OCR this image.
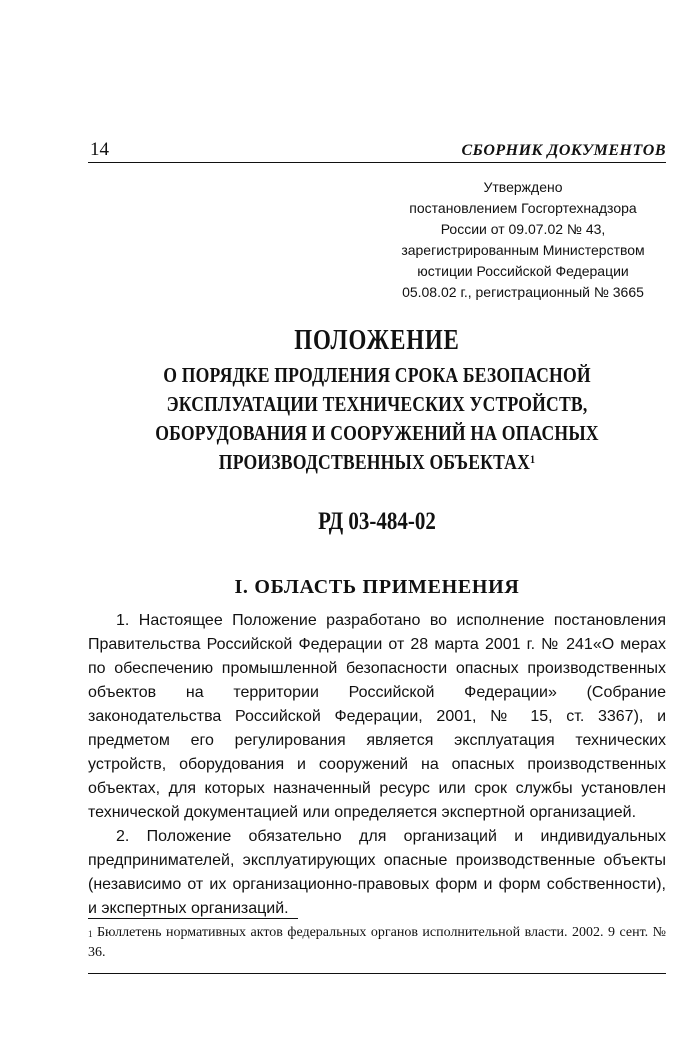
14	СБОРНИК ДОКУМЕНТОВ
Утверждено
постановлением Госгортехнадзора
России от 09.07.02 № 43,
зарегистрированным Министерством
юстиции Российской Федерации
05.08.02 г., регистрационный № 3665
ПОЛОЖЕНИЕ
О ПОРЯДКЕ ПРОДЛЕНИЯ СРОКА БЕЗОПАСНОЙ
ЭКСПЛУАТАЦИИ ТЕХНИЧЕСКИХ УСТРОЙСТВ,
ОБОРУДОВАНИЯ И СООРУЖЕНИЙ НА ОПАСНЫХ
ПРОИЗВОДСТВЕННЫХ ОБЪЕКТАХ$^1$
РД 03-484-02
I. ОБЛАСТЬ ПРИМЕНЕНИЯ

1. Настоящее Положение разработано во исполнение постановления Правительства Российской Федерации от 28 марта 2001 г. № 241«О мерах по обеспечению промышленной безопасности опасных производственных объектов на территории Российской Федерации» (Собрание законодательства Российской Федерации, 2001, № 15, ст. 3367), и предметом его регулирования является эксплуатация технических устройств, оборудования и сооружений на опасных производственных объектах, для которых назначенный ресурс или срок службы установлен технической документацией или определяется экспертной организацией.

2. Положение обязательно для организаций и индивидуальных предпринимателей, эксплуатирующих опасные производственные объекты (независимо от их организационно-правовых форм и форм собственности), и экспертных организаций.

$^1$ Бюллетень нормативных актов федеральных органов исполнительной власти. 2002. 9 сент. № 36.
